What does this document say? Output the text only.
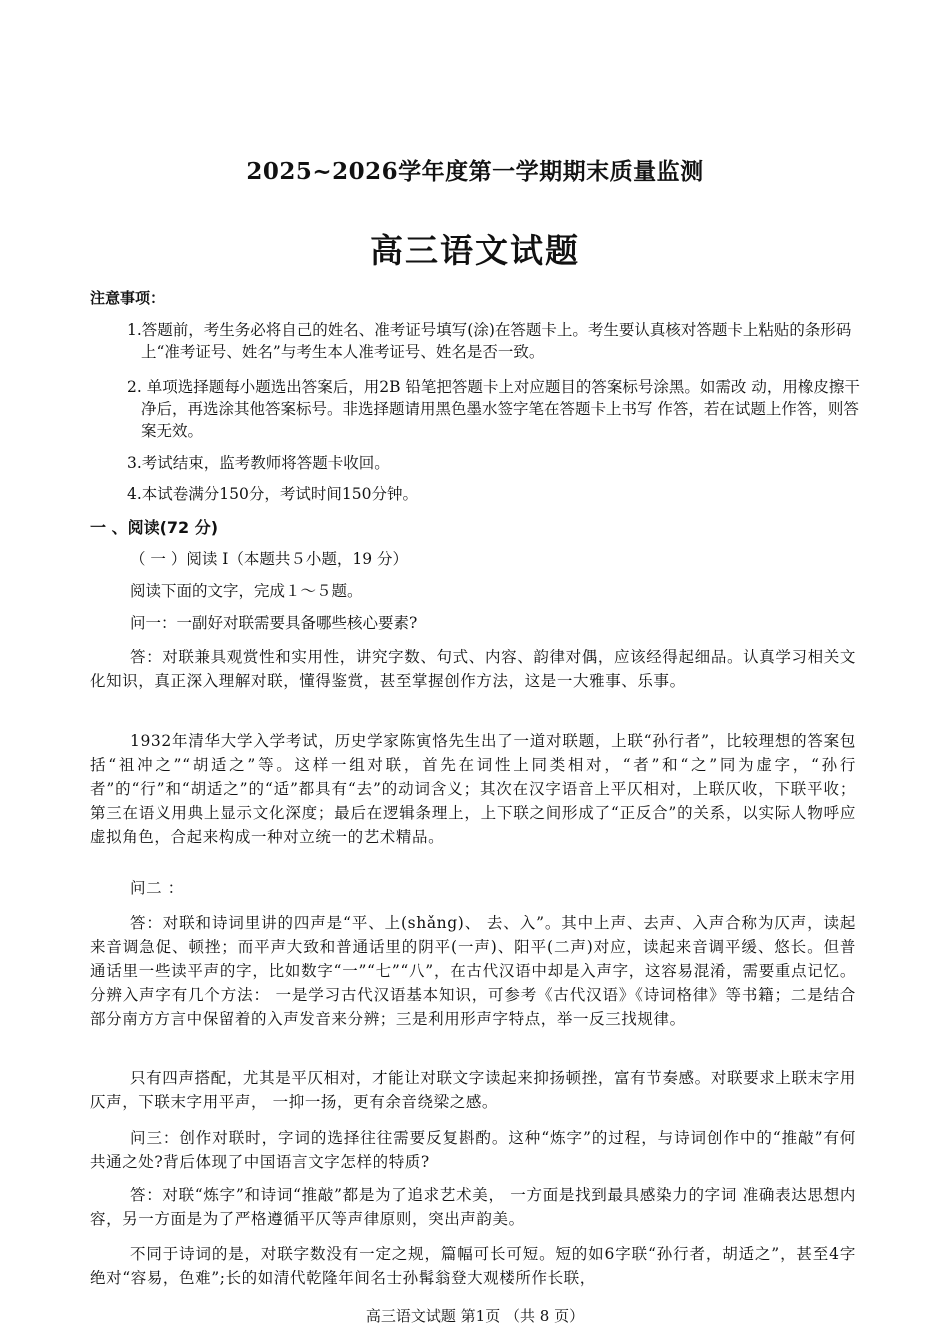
2025~2026学年度第一学期期末质量监测
高三语文试题
注意事项：
1.答题前，考生务必将自己的姓名、准考证号填写(涂)在答题卡上。考生要认真核对答题卡上粘贴的条形码上“准考证号、姓名”与考生本人准考证号、姓名是否一致。
2. 单项选择题每小题选出答案后，用2B 铅笔把答题卡上对应题目的答案标号涂黑。如需改 动，用橡皮擦干净后，再选涂其他答案标号。非选择题请用黑色墨水签字笔在答题卡上书写 作答，若在试题上作答，则答案无效。
3.考试结束，监考教师将答题卡收回。
4.本试卷满分150分，考试时间150分钟。
一 、阅读(72 分)
（ 一 ）阅读 Ⅰ（本题共５小题，19 分）
阅读下面的文字，完成１～５题。
问一：一副好对联需要具备哪些核心要素?
答：对联兼具观赏性和实用性，讲究字数、句式、内容、韵律对偶，应该经得起细品。认真学习相关文化知识，真正深入理解对联，懂得鉴赏，甚至掌握创作方法，这是一大雅事、乐事。
1932年清华大学入学考试，历史学家陈寅恪先生出了一道对联题，上联“孙行者”，比较理想的答案包括“祖冲之”“胡适之”等。这样一组对联，首先在词性上同类相对，“者”和“之”同为虚字，“孙行者”的“行”和“胡适之”的“适”都具有“去”的动词含义；其次在汉字语音上平仄相对，上联仄收，下联平收；第三在语义用典上显示文化深度；最后在逻辑条理上，上下联之间形成了“正反合”的关系，以实际人物呼应虚拟角色，合起来构成一种对立统一的艺术精品。
问二 ：
答：对联和诗词里讲的四声是“平、上(shǎng)、 去、入”。其中上声、去声、入声合称为仄声，读起来音调急促、顿挫；而平声大致和普通话里的阴平(一声)、阳平(二声)对应，读起来音调平缓、悠长。但普通话里一些读平声的字，比如数字“一”“七”“八”，在古代汉语中却是入声字，这容易混淆，需要重点记忆。分辨入声字有几个方法： 一是学习古代汉语基本知识，可参考《古代汉语》《诗词格律》等书籍；二是结合部分南方方言中保留着的入声发音来分辨；三是利用形声字特点，举一反三找规律。
只有四声搭配，尤其是平仄相对，才能让对联文字读起来抑扬顿挫，富有节奏感。对联要求上联末字用仄声，下联末字用平声， 一抑一扬，更有余音绕梁之感。
问三：创作对联时，字词的选择往往需要反复斟酌。这种“炼字”的过程，与诗词创作中的“推敲”有何共通之处?背后体现了中国语言文字怎样的特质?
答：对联“炼字”和诗词“推敲”都是为了追求艺术美， 一方面是找到最具感染力的字词 准确表达思想内容，另一方面是为了严格遵循平仄等声律原则，突出声韵美。
不同于诗词的是，对联字数没有一定之规，篇幅可长可短。短的如6字联“孙行者，胡适之”，甚至4字绝对“容易，色难”;长的如清代乾隆年间名士孙髯翁登大观楼所作长联，
高三语文试题 第1页 （共 8 页）
